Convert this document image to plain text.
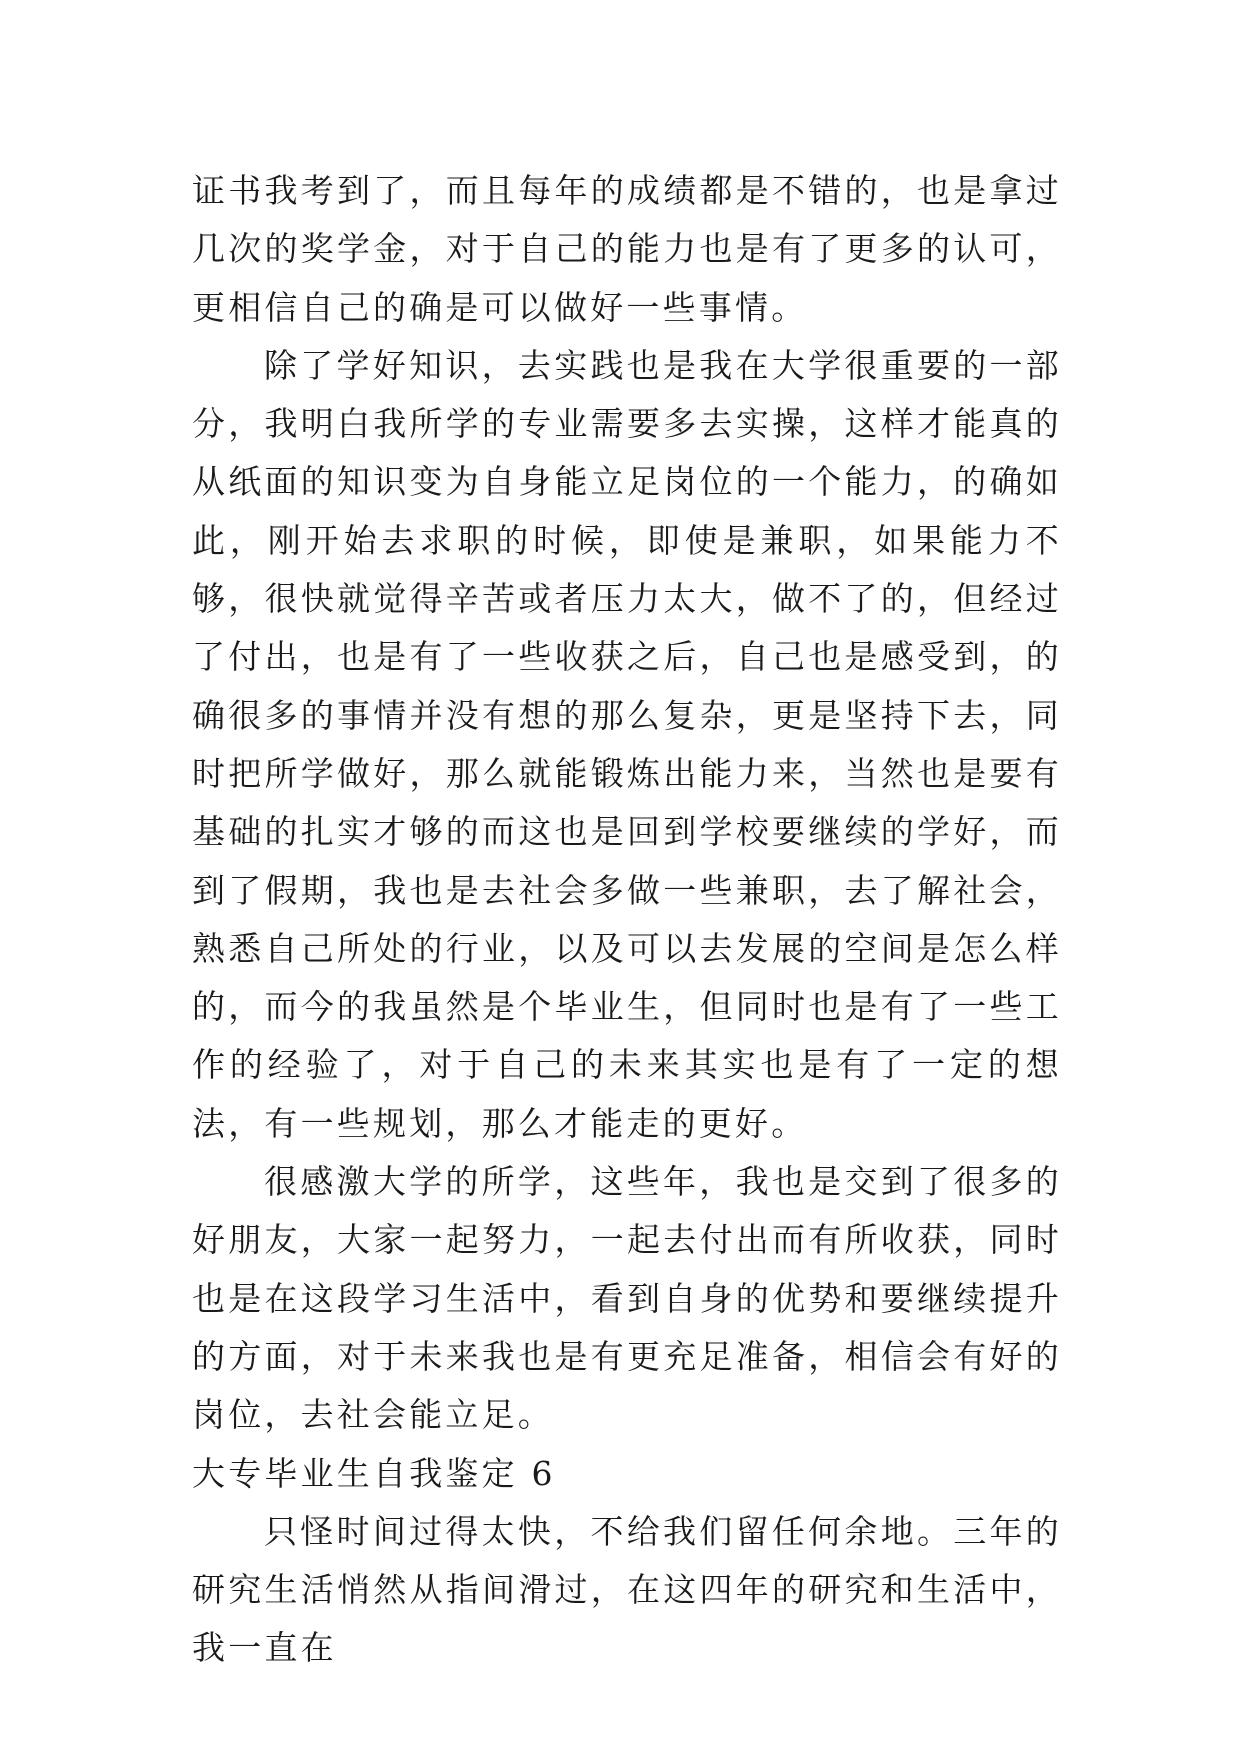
证书我考到了，而且每年的成绩都是不错的，也是拿过几次的奖学金，对于自己的能力也是有了更多的认可，更相信自己的确是可以做好一些事情。

除了学好知识，去实践也是我在大学很重要的一部分，我明白我所学的专业需要多去实操，这样才能真的从纸面的知识变为自身能立足岗位的一个能力，的确如此，刚开始去求职的时候，即使是兼职，如果能力不够，很快就觉得辛苦或者压力太大，做不了的，但经过了付出，也是有了一些收获之后，自己也是感受到，的确很多的事情并没有想的那么复杂，更是坚持下去，同时把所学做好，那么就能锻炼出能力来，当然也是要有基础的扎实才够的而这也是回到学校要继续的学好，而到了假期，我也是去社会多做一些兼职，去了解社会，熟悉自己所处的行业，以及可以去发展的空间是怎么样的，而今的我虽然是个毕业生，但同时也是有了一些工作的经验了，对于自己的未来其实也是有了一定的想法，有一些规划，那么才能走的更好。

很感激大学的所学，这些年，我也是交到了很多的好朋友，大家一起努力，一起去付出而有所收获，同时也是在这段学习生活中，看到自身的优势和要继续提升的方面，对于未来我也是有更充足准备，相信会有好的岗位，去社会能立足。

大专毕业生自我鉴定 6

只怪时间过得太快，不给我们留任何余地。三年的研究生活悄然从指间滑过，在这四年的研究和生活中，我一直在
